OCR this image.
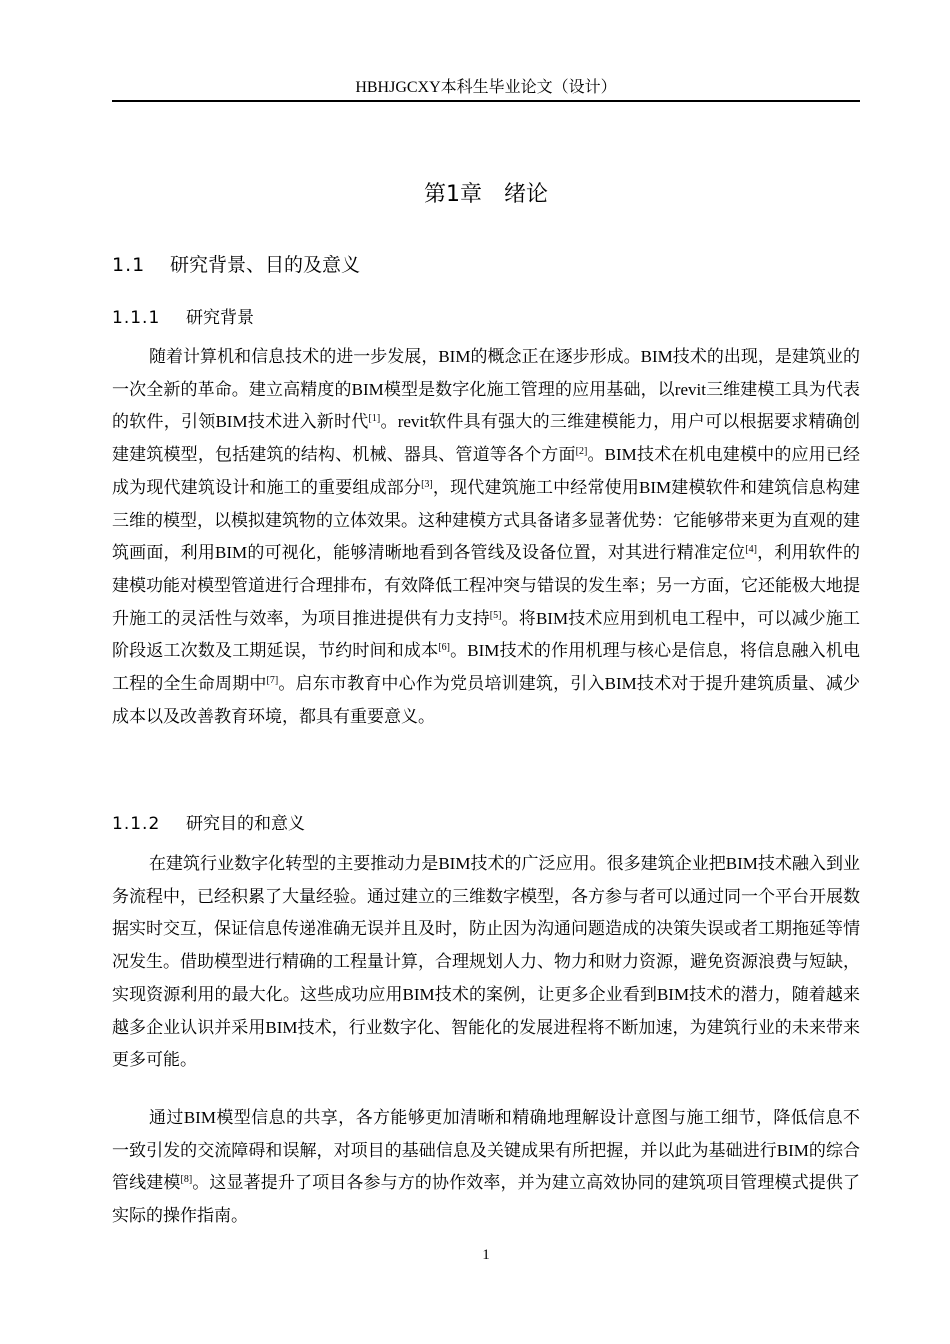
HBHJGCXY本科生毕业论文（设计）
第1章 绪论
1.1 研究背景、目的及意义
1.1.1 研究背景

随着计算机和信息技术的进一步发展，BIM的概念正在逐步形成。BIM技术的出现，是建筑业的一次全新的革命。建立高精度的BIM模型是数字化施工管理的应用基础，以revit三维建模工具为代表的软件，引领BIM技术进入新时代[1]。revit软件具有强大的三维建模能力，用户可以根据要求精确创建建筑模型，包括建筑的结构、机械、器具、管道等各个方面[2]。BIM技术在机电建模中的应用已经成为现代建筑设计和施工的重要组成部分[3]，现代建筑施工中经常使用BIM建模软件和建筑信息构建三维的模型，以模拟建筑物的立体效果。这种建模方式具备诸多显著优势：它能够带来更为直观的建筑画面，利用BIM的可视化，能够清晰地看到各管线及设备位置，对其进行精准定位[4]，利用软件的建模功能对模型管道进行合理排布，有效降低工程冲突与错误的发生率；另一方面，它还能极大地提升施工的灵活性与效率，为项目推进提供有力支持[5]。将BIM技术应用到机电工程中，可以减少施工阶段返工次数及工期延误，节约时间和成本[6]。BIM技术的作用机理与核心是信息，将信息融入机电工程的全生命周期中[7]。启东市教育中心作为党员培训建筑，引入BIM技术对于提升建筑质量、减少成本以及改善教育环境，都具有重要意义。

1.1.2 研究目的和意义

在建筑行业数字化转型的主要推动力是BIM技术的广泛应用。很多建筑企业把BIM技术融入到业务流程中，已经积累了大量经验。通过建立的三维数字模型，各方参与者可以通过同一个平台开展数据实时交互，保证信息传递准确无误并且及时，防止因为沟通问题造成的决策失误或者工期拖延等情况发生。借助模型进行精确的工程量计算，合理规划人力、物力和财力资源，避免资源浪费与短缺，实现资源利用的最大化。这些成功应用BIM技术的案例，让更多企业看到BIM技术的潜力，随着越来越多企业认识并采用BIM技术，行业数字化、智能化的发展进程将不断加速，为建筑行业的未来带来更多可能。

通过BIM模型信息的共享，各方能够更加清晰和精确地理解设计意图与施工细节，降低信息不一致引发的交流障碍和误解，对项目的基础信息及关键成果有所把握，并以此为基础进行BIM的综合管线建模[8]。这显著提升了项目各参与方的协作效率，并为建立高效协同的建筑项目管理模式提供了实际的操作指南。

1
